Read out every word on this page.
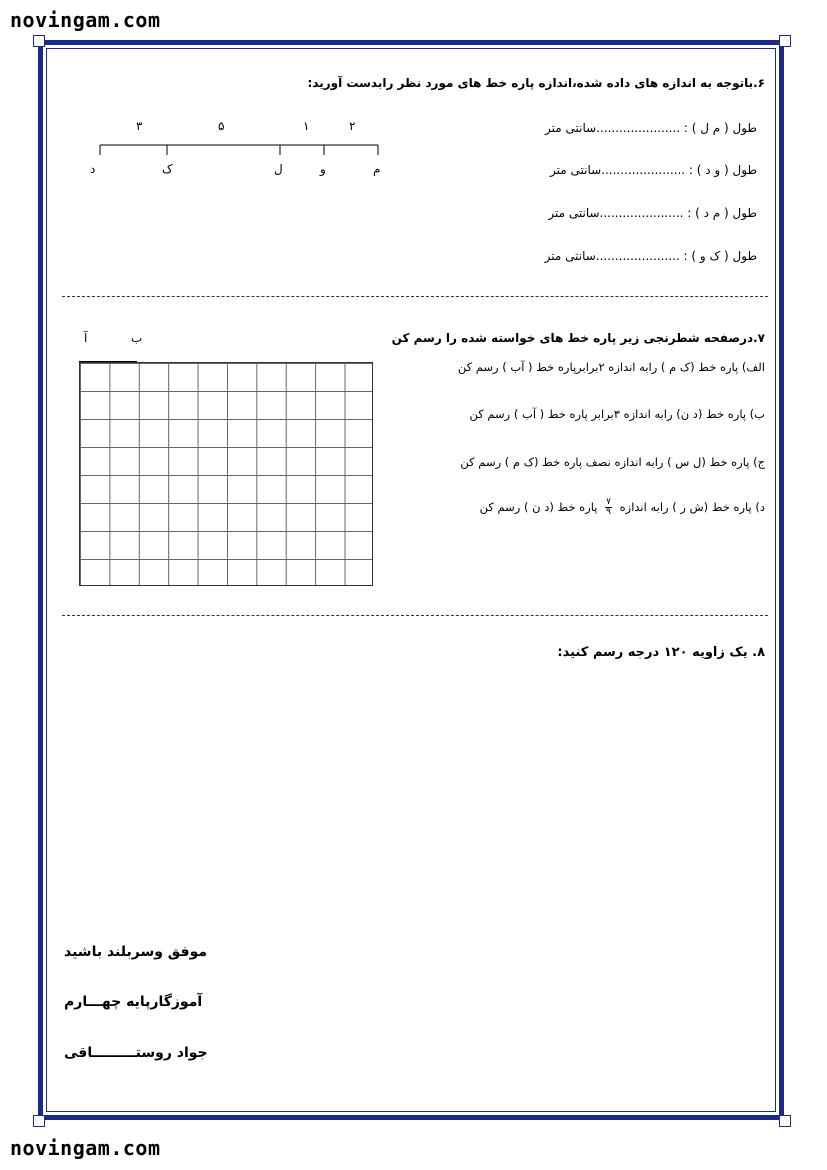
novingam.com
novingam.com
۶.باتوجه به اندازه های داده شده،اندازه پاره خط های مورد نظر رابدست آورید:
طول ( م ل ) : ......................سانتی متر
طول ( و د ) : ......................سانتی متر
طول ( م د ) : ......................سانتی متر
طول ( ک و ) : ......................سانتی متر
۳	۵	۱	۲
د	ک	ل	و	م
۷.درصفحه شطرنجی زیر پاره خط های خواسته شده را رسم کن
الف) پاره خط (ک م ) رابه اندازه ۲برابرپاره خط ( آب ) رسم کن
ب) پاره خط (د ن) رابه اندازه ۳برابر پاره خط ( آب ) رسم کن
ج) پاره خط (ل س ) رابه اندازه نصف پاره خط (ک م ) رسم کن
د) پاره خط (ش ر ) رابه اندازه
$\frac{۷}{۹}$
پاره خط (د ن ) رسم کن
آ	ب
۸. یک زاویه ۱۲۰ درجه رسم کنید:
موفق وسربلند باشید
آموزگارپایه چهـــارم
جواد روستـــــــــاقی
